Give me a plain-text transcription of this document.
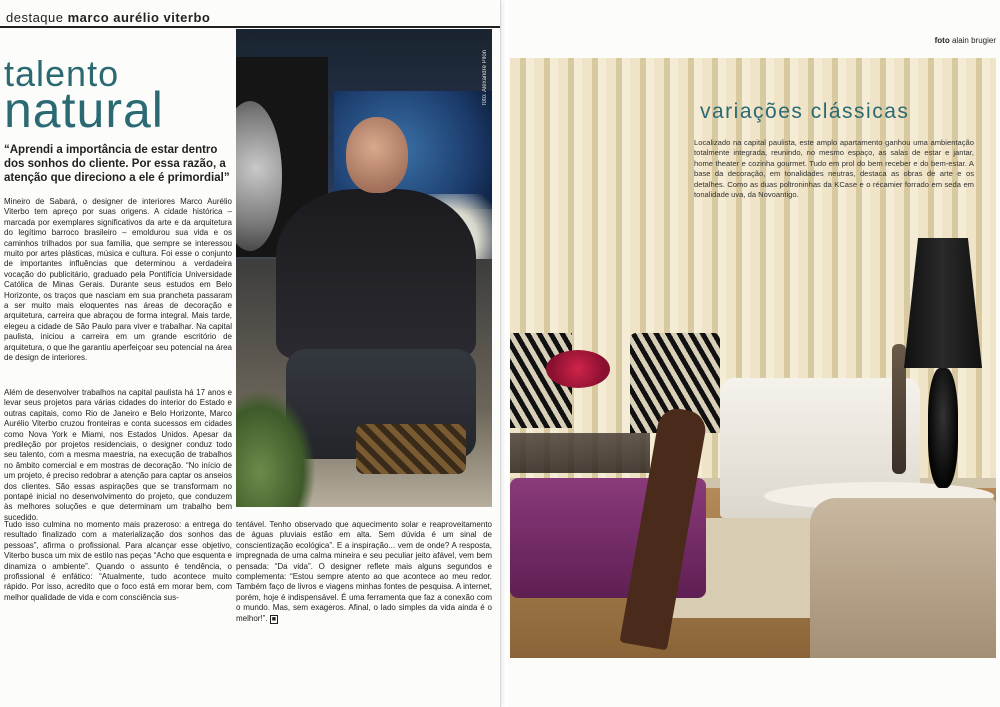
destaque marco aurélio viterbo
talento
natural
“Aprendi a importância de estar dentro dos sonhos do cliente. Por essa razão, a atenção que direciono a ele é primordial”
foto: Alexandre Pilon

Mineiro de Sabará, o designer de interiores Marco Aurélio Viterbo tem apreço por suas origens. A cidade histórica – marcada por exemplares significativos da arte e da arquitetura do legítimo barroco brasileiro – emoldurou sua vida e os caminhos trilhados por sua família, que sempre se interessou muito por artes plásticas, música e cultura. Foi esse o conjunto de importantes influências que determinou a verdadeira vocação do publicitário, graduado pela Pontifícia Universidade Católica de Minas Gerais. Durante seus estudos em Belo Horizonte, os traços que nasciam em sua prancheta passaram a ser muito mais eloquentes nas áreas de decoração e arquitetura, carreira que abraçou de forma integral. Mais tarde, elegeu a cidade de São Paulo para viver e trabalhar. Na capital paulista, iniciou a carreira em um grande escritório de arquitetura, o que lhe garantiu aperfeiçoar seu potencial na área de design de interiores.

Além de desenvolver trabalhos na capital paulista há 17 anos e levar seus projetos para várias cidades do interior do Estado e outras capitais, como Rio de Janeiro e Belo Horizonte, Marco Aurélio Viterbo cruzou fronteiras e conta sucessos em cidades como Nova York e Miami, nos Estados Unidos. Apesar da predileção por projetos residenciais, o designer conduz todo seu talento, com a mesma maestria, na execução de trabalhos no âmbito comercial e em mostras de decoração. “No início de um projeto, é preciso redobrar a atenção para captar os anseios dos clientes. São essas aspirações que se transformam no pontapé inicial no desenvolvimento do projeto, que conduzem às melhores soluções e que determinam um trabalho bem sucedido.

Tudo isso culmina no momento mais prazeroso: a entrega do resultado finalizado com a materialização dos sonhos das pessoas”, afirma o profissional. Para alcançar esse objetivo, Viterbo busca um mix de estilo nas peças “Acho que esquenta e dinamiza o ambiente”. Quando o assunto é tendência, o profissional é enfático: “Atualmente, tudo acontece muito rápido. Por isso, acredito que o foco está em morar bem, com melhor qualidade de vida e com consciência sus-

tentável. Tenho observado que aquecimento solar e reaproveitamento de águas pluviais estão em alta. Sem dúvida é um sinal de conscientização ecológica”. E a inspiração... vem de onde? A resposta, impregnada de uma calma mineira e seu peculiar jeito afável, vem bem pensada: “Da vida”. O designer reflete mais alguns segundos e complementa: “Estou sempre atento ao que acontece ao meu redor. Também faço de livros e viagens minhas fontes de pesquisa. A internet, porém, hoje é indispensável. É uma ferramenta que faz a conexão com o mundo. Mas, sem exageros. Afinal, o lado simples da vida ainda é o melhor!”. ■

foto alain brugier
variações clássicas
Localizado na capital paulista, este amplo apartamento ganhou uma ambientação totalmente integrada, reunindo, no mesmo espaço, as salas de estar e jantar, home theater e cozinha gourmet. Tudo em prol do bem receber e do bem-estar. A base da decoração, em tonalidades neutras, destaca as obras de arte e os detalhes. Como as duas poltroninhas da KCase e o récamier forrado em seda em tonalidade uva, da Novoantigo.
